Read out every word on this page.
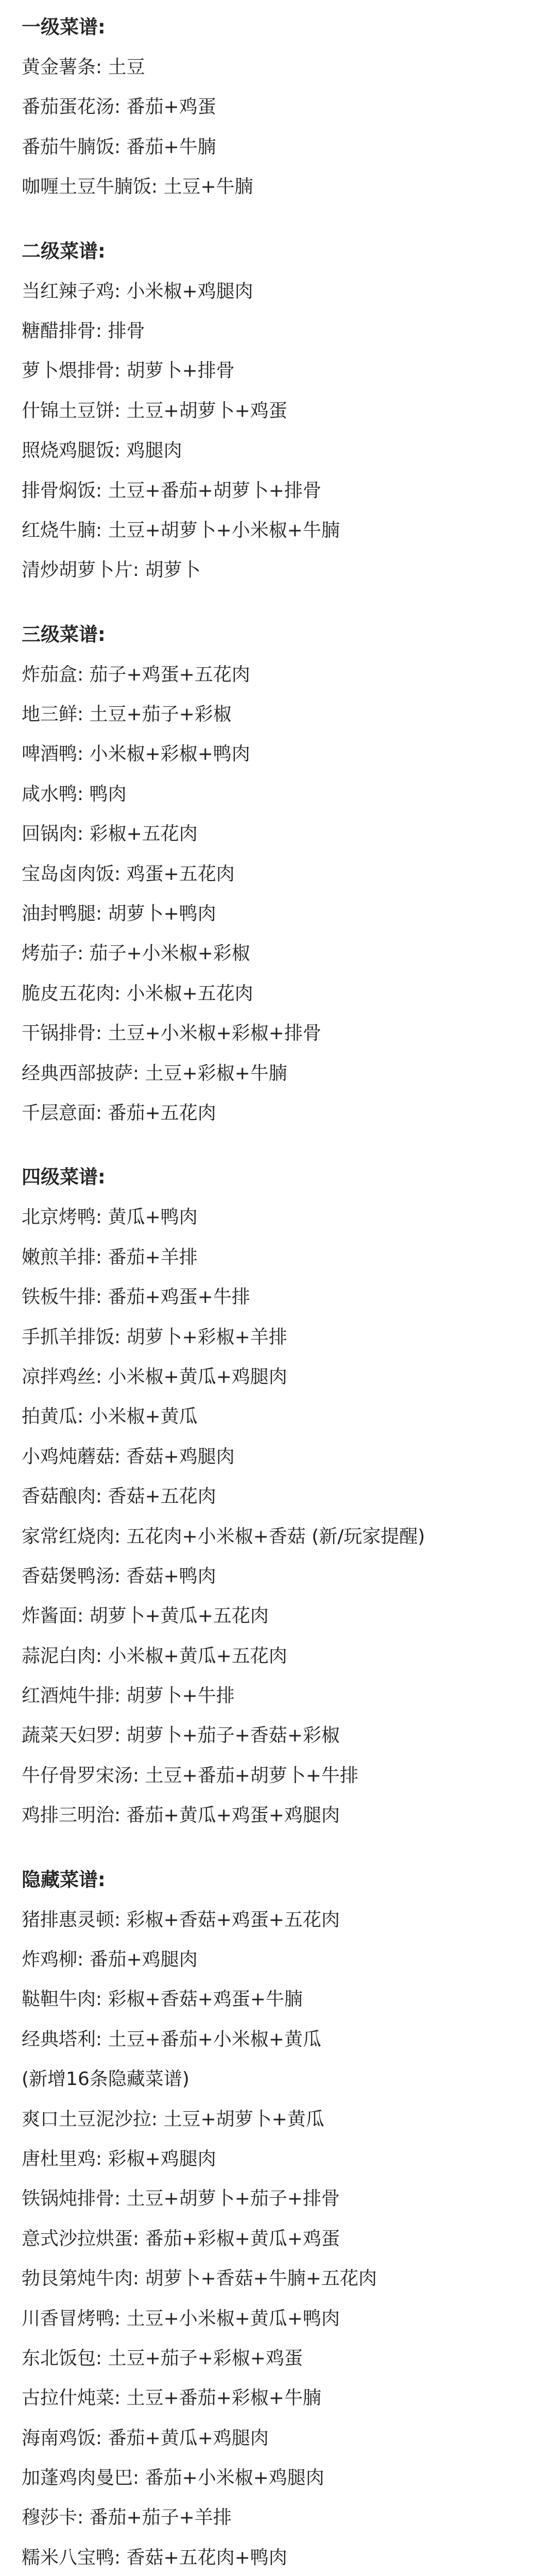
一级菜谱:
黄金薯条: 土豆
番茄蛋花汤: 番茄+鸡蛋
番茄牛腩饭: 番茄+牛腩
咖喱土豆牛腩饭: 土豆+牛腩
二级菜谱:
当红辣子鸡: 小米椒+鸡腿肉
糖醋排骨: 排骨
萝卜煨排骨: 胡萝卜+排骨
什锦土豆饼: 土豆+胡萝卜+鸡蛋
照烧鸡腿饭: 鸡腿肉
排骨焖饭: 土豆+番茄+胡萝卜+排骨
红烧牛腩: 土豆+胡萝卜+小米椒+牛腩
清炒胡萝卜片: 胡萝卜
三级菜谱:
炸茄盒: 茄子+鸡蛋+五花肉
地三鲜: 土豆+茄子+彩椒
啤酒鸭: 小米椒+彩椒+鸭肉
咸水鸭: 鸭肉
回锅肉: 彩椒+五花肉
宝岛卤肉饭: 鸡蛋+五花肉
油封鸭腿: 胡萝卜+鸭肉
烤茄子: 茄子+小米椒+彩椒
脆皮五花肉: 小米椒+五花肉
干锅排骨: 土豆+小米椒+彩椒+排骨
经典西部披萨: 土豆+彩椒+牛腩
千层意面: 番茄+五花肉
四级菜谱:
北京烤鸭: 黄瓜+鸭肉
嫩煎羊排: 番茄+羊排
铁板牛排: 番茄+鸡蛋+牛排
手抓羊排饭: 胡萝卜+彩椒+羊排
凉拌鸡丝: 小米椒+黄瓜+鸡腿肉
拍黄瓜: 小米椒+黄瓜
小鸡炖蘑菇: 香菇+鸡腿肉
香菇酿肉: 香菇+五花肉
家常红烧肉: 五花肉+小米椒+香菇 (新/玩家提醒)
香菇煲鸭汤: 香菇+鸭肉
炸酱面: 胡萝卜+黄瓜+五花肉
蒜泥白肉: 小米椒+黄瓜+五花肉
红酒炖牛排: 胡萝卜+牛排
蔬菜天妇罗: 胡萝卜+茄子+香菇+彩椒
牛仔骨罗宋汤: 土豆+番茄+胡萝卜+牛排
鸡排三明治: 番茄+黄瓜+鸡蛋+鸡腿肉
隐藏菜谱:
猪排惠灵顿: 彩椒+香菇+鸡蛋+五花肉
炸鸡柳: 番茄+鸡腿肉
鞑靼牛肉: 彩椒+香菇+鸡蛋+牛腩
经典塔利: 土豆+番茄+小米椒+黄瓜
(新增16条隐藏菜谱)
爽口土豆泥沙拉: 土豆+胡萝卜+黄瓜
唐杜里鸡: 彩椒+鸡腿肉
铁锅炖排骨: 土豆+胡萝卜+茄子+排骨
意式沙拉烘蛋: 番茄+彩椒+黄瓜+鸡蛋
勃艮第炖牛肉: 胡萝卜+香菇+牛腩+五花肉
川香冒烤鸭: 土豆+小米椒+黄瓜+鸭肉
东北饭包: 土豆+茄子+彩椒+鸡蛋
古拉什炖菜: 土豆+番茄+彩椒+牛腩
海南鸡饭: 番茄+黄瓜+鸡腿肉
加蓬鸡肉曼巴: 番茄+小米椒+鸡腿肉
穆莎卡: 番茄+茄子+羊排
糯米八宝鸭: 香菇+五花肉+鸭肉
